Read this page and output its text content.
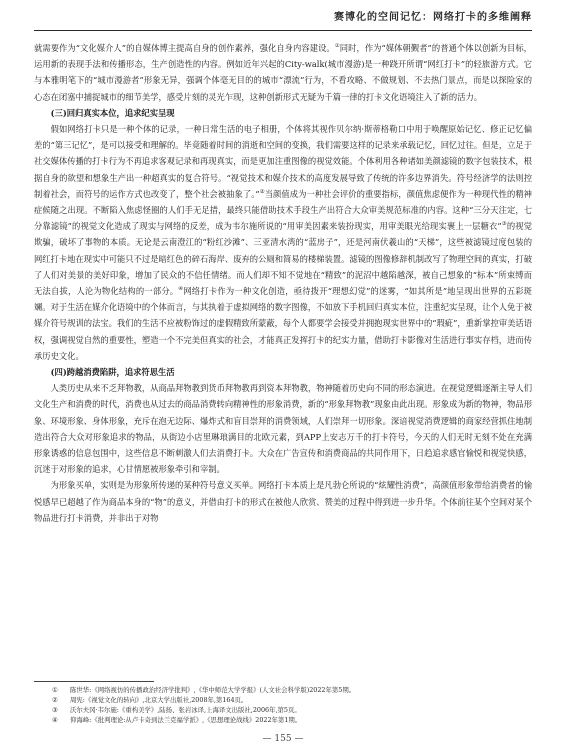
赛博化的空间记忆：网络打卡的多维阐释

就需要作为“文化媒介人”的自媒体博主提高自身的创作素养，强化自身内容建设。①同时，作为“媒体朝觐者”的普通个体以创新为目标，运用新的表现手法和传播形态，生产创造性的内容。例如近年兴起的City-walk(城市漫游)是一种跷开所谓“网红打卡”的轻旅游方式。它与本雅明笔下的“城市漫游者”形象无异，强调个体毫无目的的城市“漂流”行为，不看攻略、不做规划、不去热门景点，而是以探险家的心态在闭塞中捕捉城市的细节美学，感受片刻的灵光乍现，这种创新形式无疑为千篇一律的打卡文化语境注入了新的活力。

(三)回归真实本位，追求纪实呈现

假如网络打卡只是一种个体的记录，一种日常生活的电子相册，个体将其视作贝尔纳·斯蒂格勒口中用于唤醒原始记忆、修正记忆偏差的“第三记忆”，是可以接受和理解的。毕竟随着时间的消逝和空间的变换，我们需要这样的记录来承载记忆，回忆过往。但是，立足于社交媒体传播的打卡行为不再追求客观记录和再现真实，而是更加注重图像的视觉效能。个体利用各种诸如美颜滤镜的数字包装技术，根据自身的欲望和想象生产出一种超真实的复合符号。“视觉技术和媒介技术的高度发展导致了传统的许多边界消失。符号经济学的法则控制着社会，而符号的运作方式也改变了，整个社会被抽象了。”②当颜值成为一种社会评价的重要指标，颜值焦虑便作为一种现代性的精神症候随之出现。不断陷入焦虑怪圈的人们手无足措，最终只能借助技术手段生产出符合大众审美规范标准的内容。这种“三分天注定，七分靠滤镜”的视觉文化造成了现实与网络的反差，成为韦尔施所说的“用审美因素来装扮现实，用审美眼光给现实裹上一层糖衣”③的视觉欺骗，破坏了事物的本质。无论是云南澄江的“粉红沙滩”、三亚清水湾的“蓝房子”，还是河南伏羲山的“天梯”，这些被滤镜过度包装的网红打卡地在现实中可能只不过是暗红色的碎石海岸、废弃的公厕和简易的楼梯装置。滤镜的图像修辞机制改写了物理空间的真实，打破了人们对美景的美好印象，增加了民众的不信任情绪。而人们却不知不觉地在“精致”的泥沼中越陷越深，被自己想象的“标本”所束缚而无法自拔，人沦为物化结构的一部分。④网络打卡作为一种文化创造，亟待拨开“理想幻觉”的迷雾，“如其所是”地呈现出世界的五彩斑斓。对于生活在媒介化语境中的个体而言，与其执着于虚拟网络的数字图像，不如放下手机回归真实本位，注重纪实呈现，让个人免于被媒介符号规训的法宝。我们的生活不应被粉饰过的虚假精致所蒙蔽，每个人都要学会接受并拥抱现实世界中的“瑕疵”，重新掌控审美话语权，强调视觉自然的重要性，塑造一个不完美但真实的社会，才能真正发挥打卡的纪实力量，借助打卡影像对生活进行事实存档，进而传承历史文化。

(四)跨越消费陷阱，追求符思生活

人类历史从来不乏拜物教，从商品拜物教到货币拜物教再到资本拜物教，物神随着历史向不同的形态演进。在视觉逻辑逐渐主导人们文化生产和消费的时代，消费也从过去的商品消费转向精神性的形象消费，新的“形象拜物教”现象由此出现。形象成为新的物神，物品形象、环境形象、身体形象，充斥在泡无边际、爆炸式和盲目崇拜的消费领域，人们崇拜一切形象。深谙视觉消费逻辑的商家经营抓住地制造出符合大众对形象追求的物品，从街边小店里琳琅满目的北欧元素，到APP上安志万千的打卡符号，今天的人们无时无刻不处在充满形象诱惑的信息包围中，这些信息不断刺激人们去消费打卡。大众在广告宣传和消费商品的共同作用下，日趋追求感官愉悦和视觉快感，沉迷于对形象的追求，心甘情愿被形象牵引和宰制。

为形象买单，实则是为形象所传递的某种符号意义买单。网络打卡本质上是凡勃仑所说的“炫耀性消费”，高颜值形象带给消费者的愉悦感早已超越了作为商品本身的“物”的意义，并借由打卡的形式在被他人欣赏、赞美的过程中得到进一步升华。个体前往某个空间对某个物品进行打卡消费，并非出于对物

①	陈世华:《网络视仿的传播政治经济学批判》,《华中师范大学学报》(人文社会科学版)2022年第5期。
②	周宪:《视觉文化的转向》,北京大学出版社,2008年,第164页。
③	沃尔夫冈·韦尔施:《重构美学》,陆扬、张岩冰译,上海译文出版社,2006年,第5页。
④	仰海峰:《批判理论:从卢卡奇到法兰克福学派》,《思想理论战线》2022年第1期。
— 155 —
